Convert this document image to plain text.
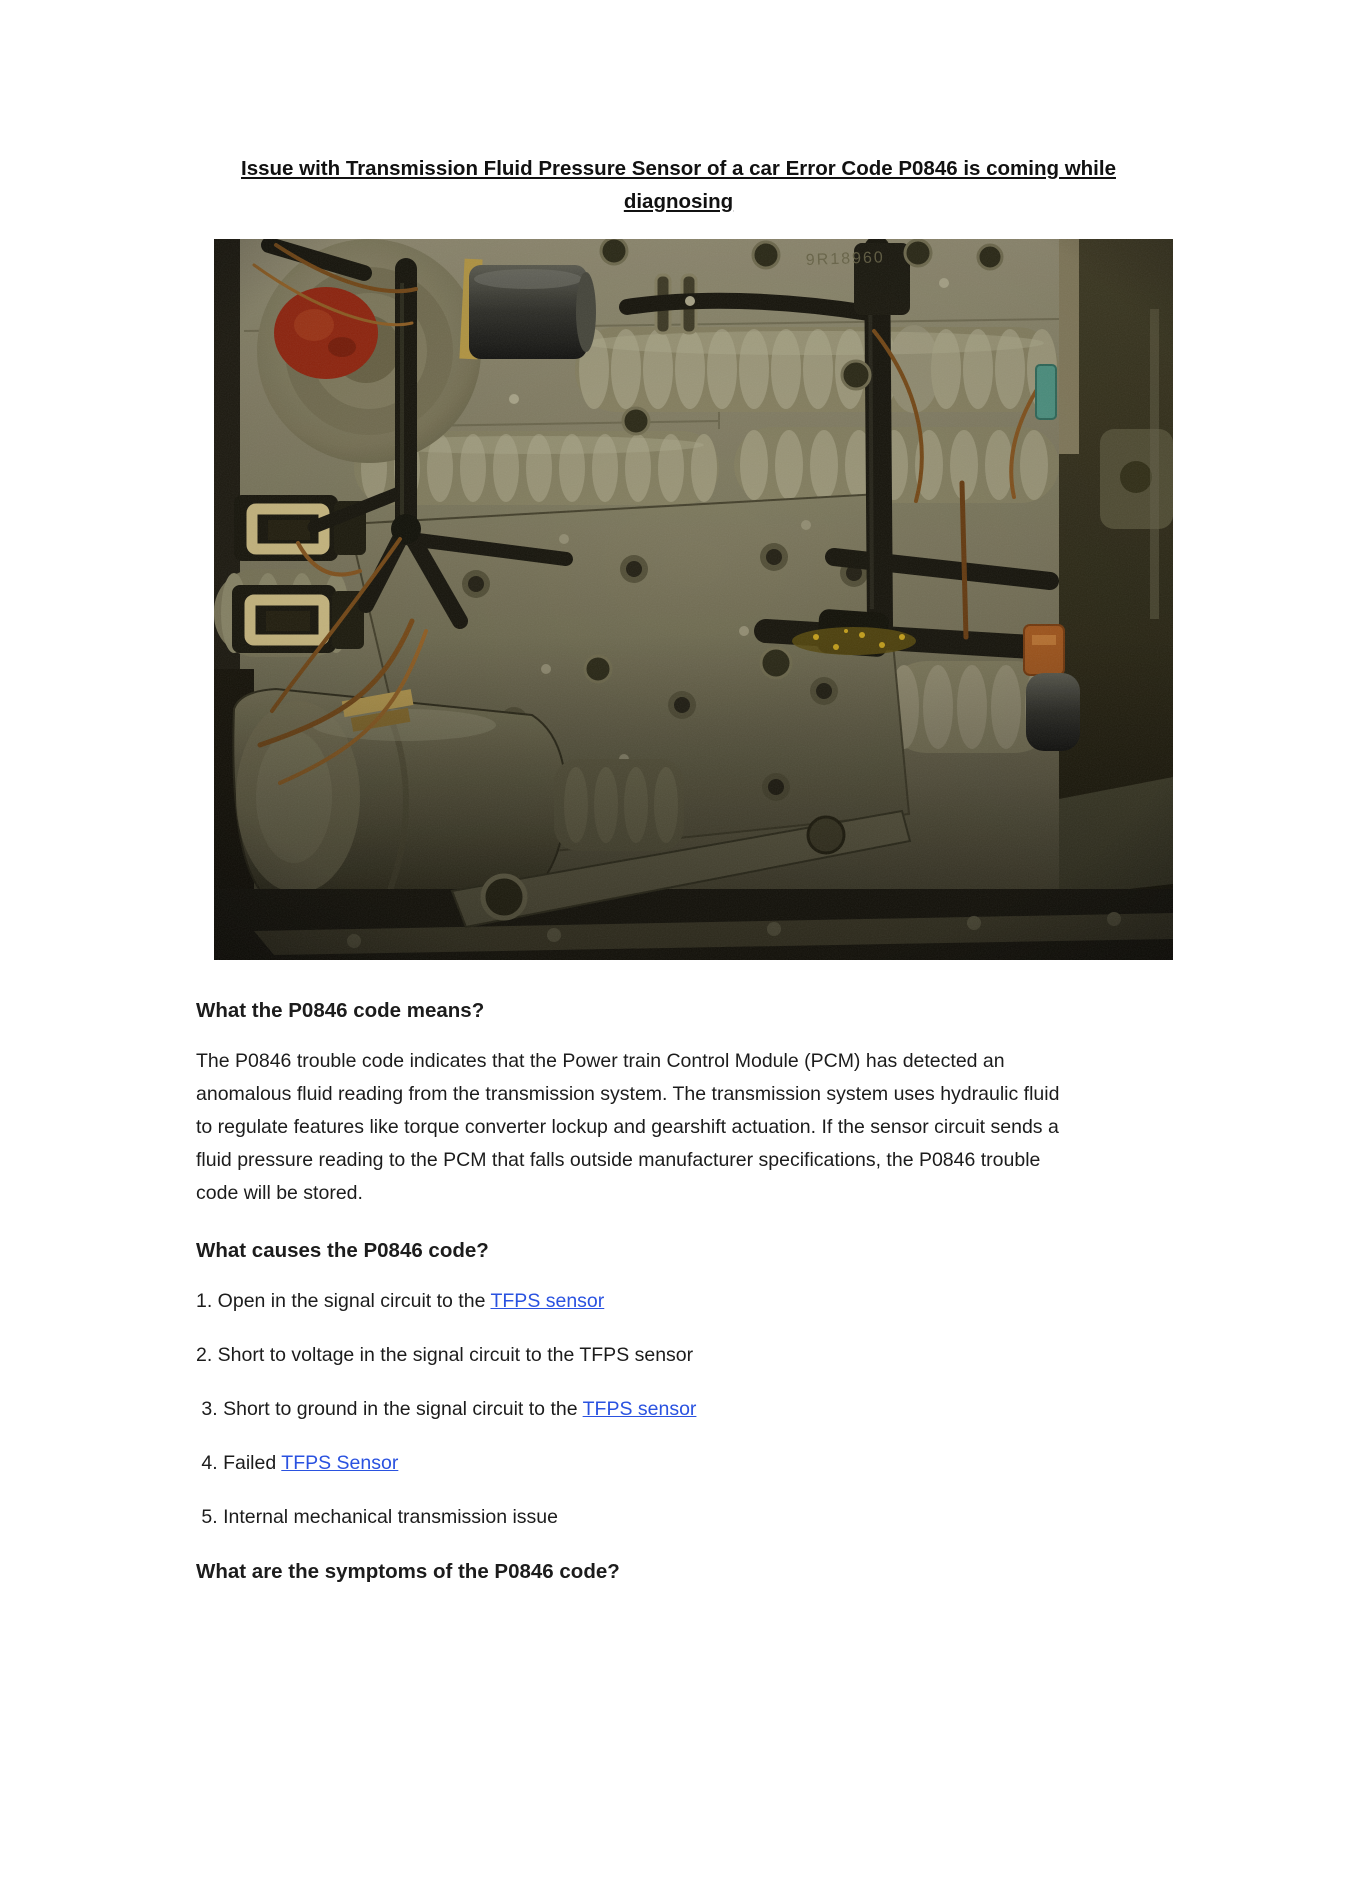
Issue with Transmission Fluid Pressure Sensor of a car Error Code P0846 is coming while
diagnosing
What the P0846 code means?
The P0846 trouble code indicates that the Power train Control Module (PCM) has detected an
anomalous fluid reading from the transmission system. The transmission system uses hydraulic fluid
to regulate features like torque converter lockup and gearshift actuation. If the sensor circuit sends a
fluid pressure reading to the PCM that falls outside manufacturer specifications, the P0846 trouble
code will be stored.
What causes the P0846 code?
1. Open in the signal circuit to the TFPS sensor
2. Short to voltage in the signal circuit to the TFPS sensor
3. Short to ground in the signal circuit to the TFPS sensor
4. Failed TFPS Sensor
5. Internal mechanical transmission issue
What are the symptoms of the P0846 code?
